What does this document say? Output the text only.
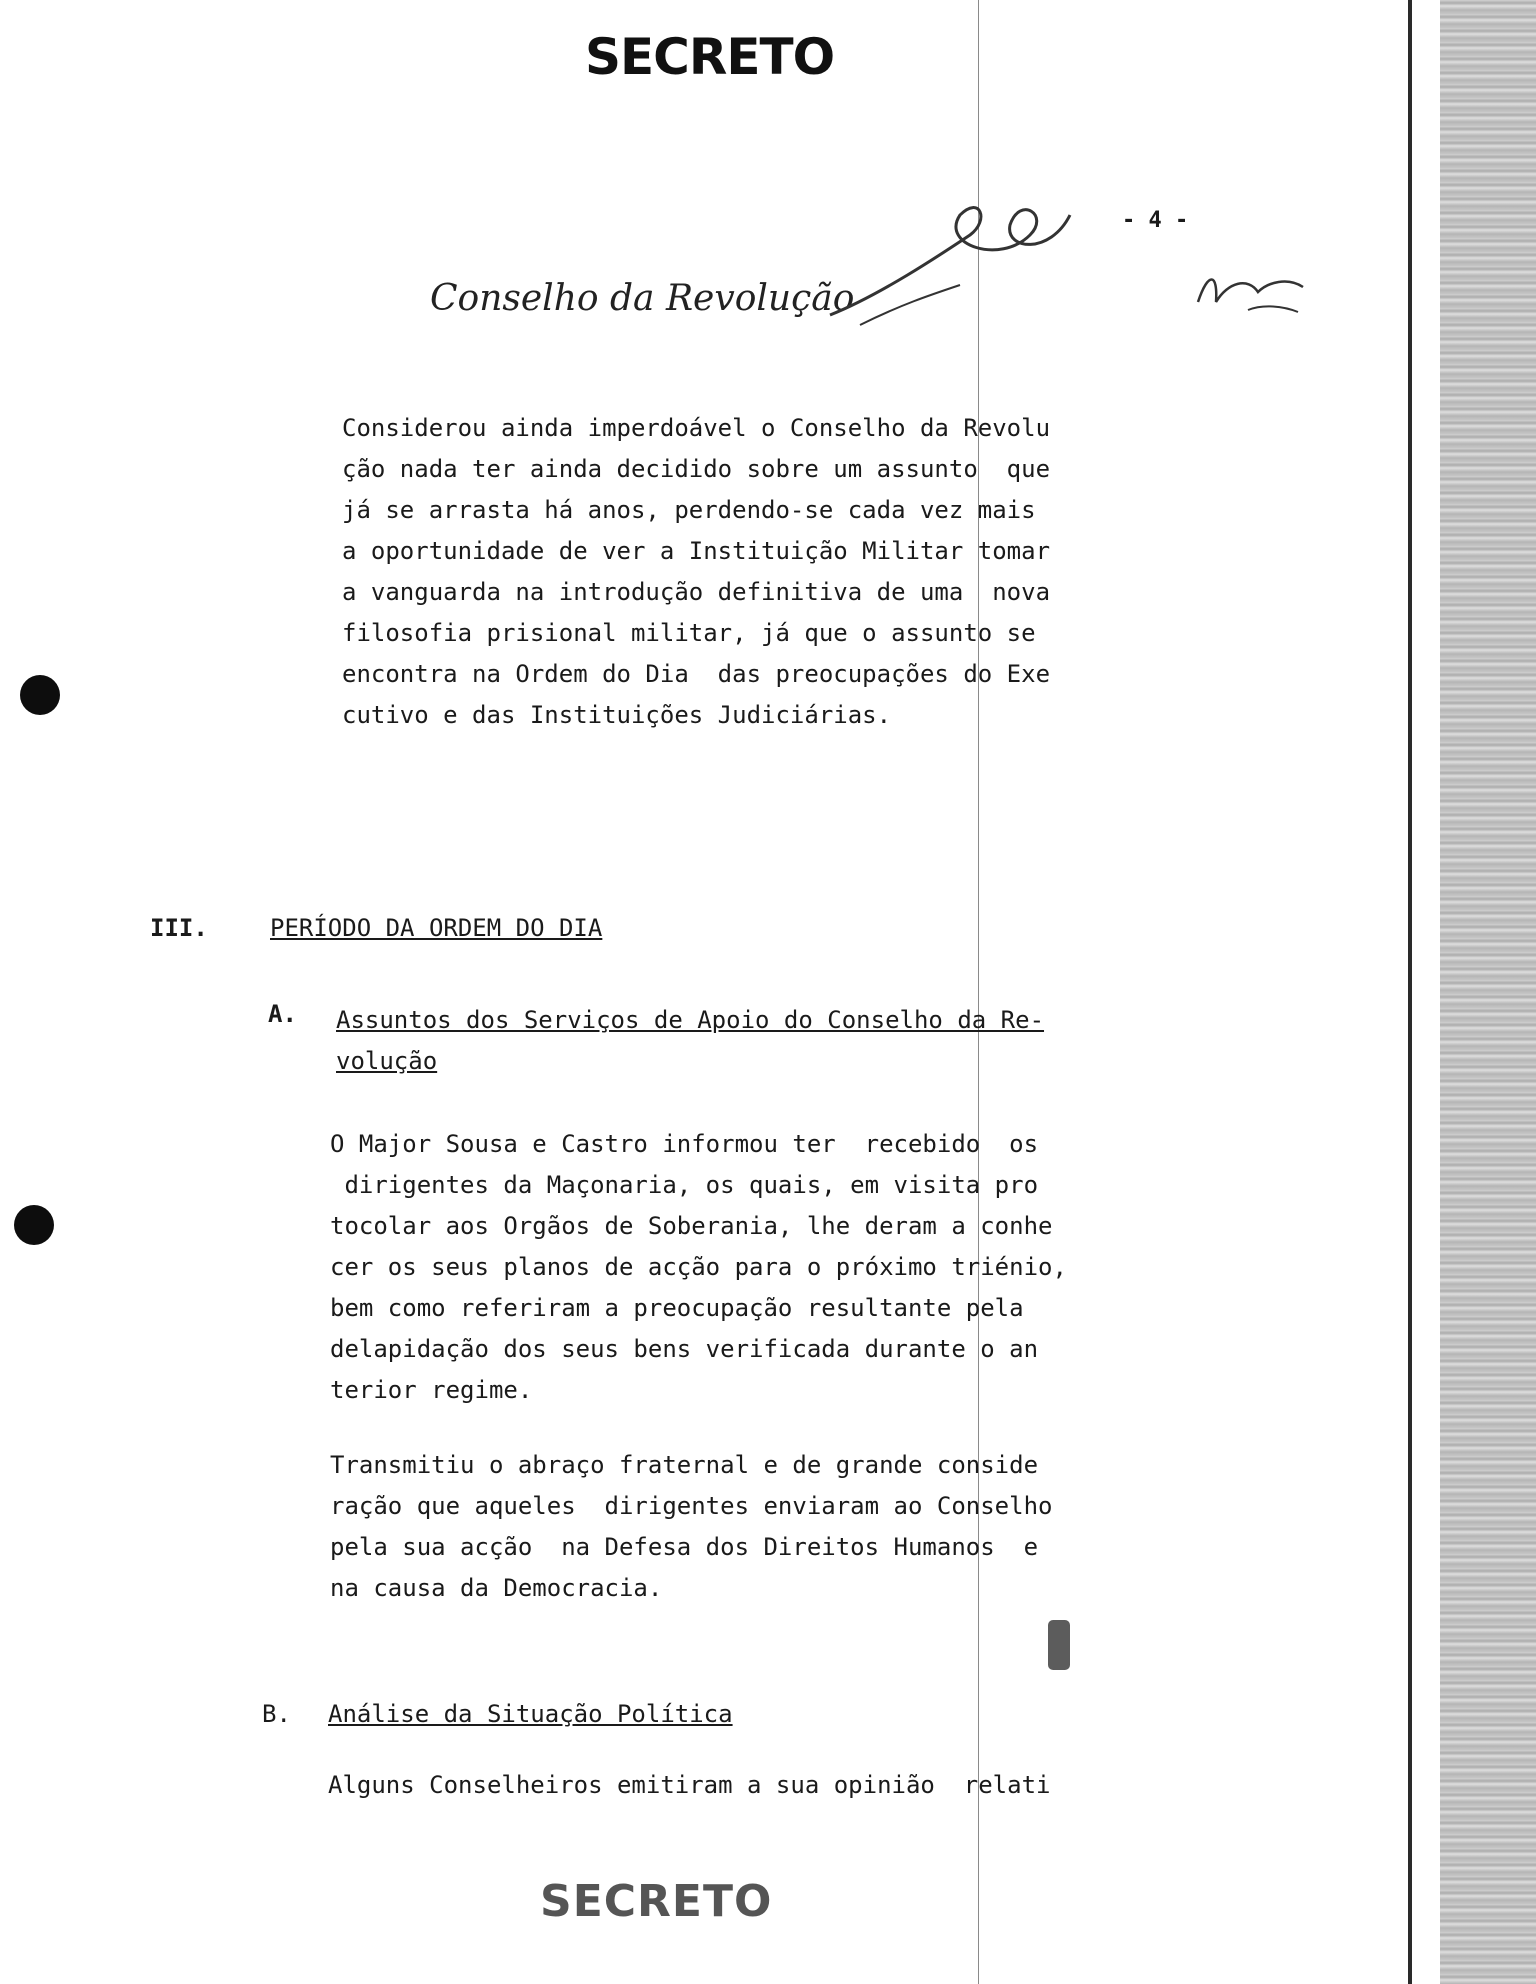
SECRETO
- 4 -
Conselho da Revolução
Considerou ainda imperdoável o Conselho da Revolu
ção nada ter ainda decidido sobre um assunto  que
já se arrasta há anos, perdendo-se cada vez mais
a oportunidade de ver a Instituição Militar tomar
a vanguarda na introdução definitiva de uma  nova
filosofia prisional militar, já que o assunto se
encontra na Ordem do Dia  das preocupações do Exe
cutivo e das Instituições Judiciárias.
III.	PERÍODO DA ORDEM DO DIA
A. Assuntos dos Serviços de Apoio do Conselho da Re-
volução
O Major Sousa e Castro informou ter  recebido  os
dirigentes da Maçonaria, os quais, em visita pro
tocolar aos Orgãos de Soberania, lhe deram a conhe
cer os seus planos de acção para o próximo triénio,
bem como referiram a preocupação resultante pela
delapidação dos seus bens verificada durante o an
terior regime.
Transmitiu o abraço fraternal e de grande conside
ração que aqueles  dirigentes enviaram ao Conselho
pela sua acção  na Defesa dos Direitos Humanos  e
na causa da Democracia.
B. Análise da Situação Política
Alguns Conselheiros emitiram a sua opinião  relati
SECRETO
